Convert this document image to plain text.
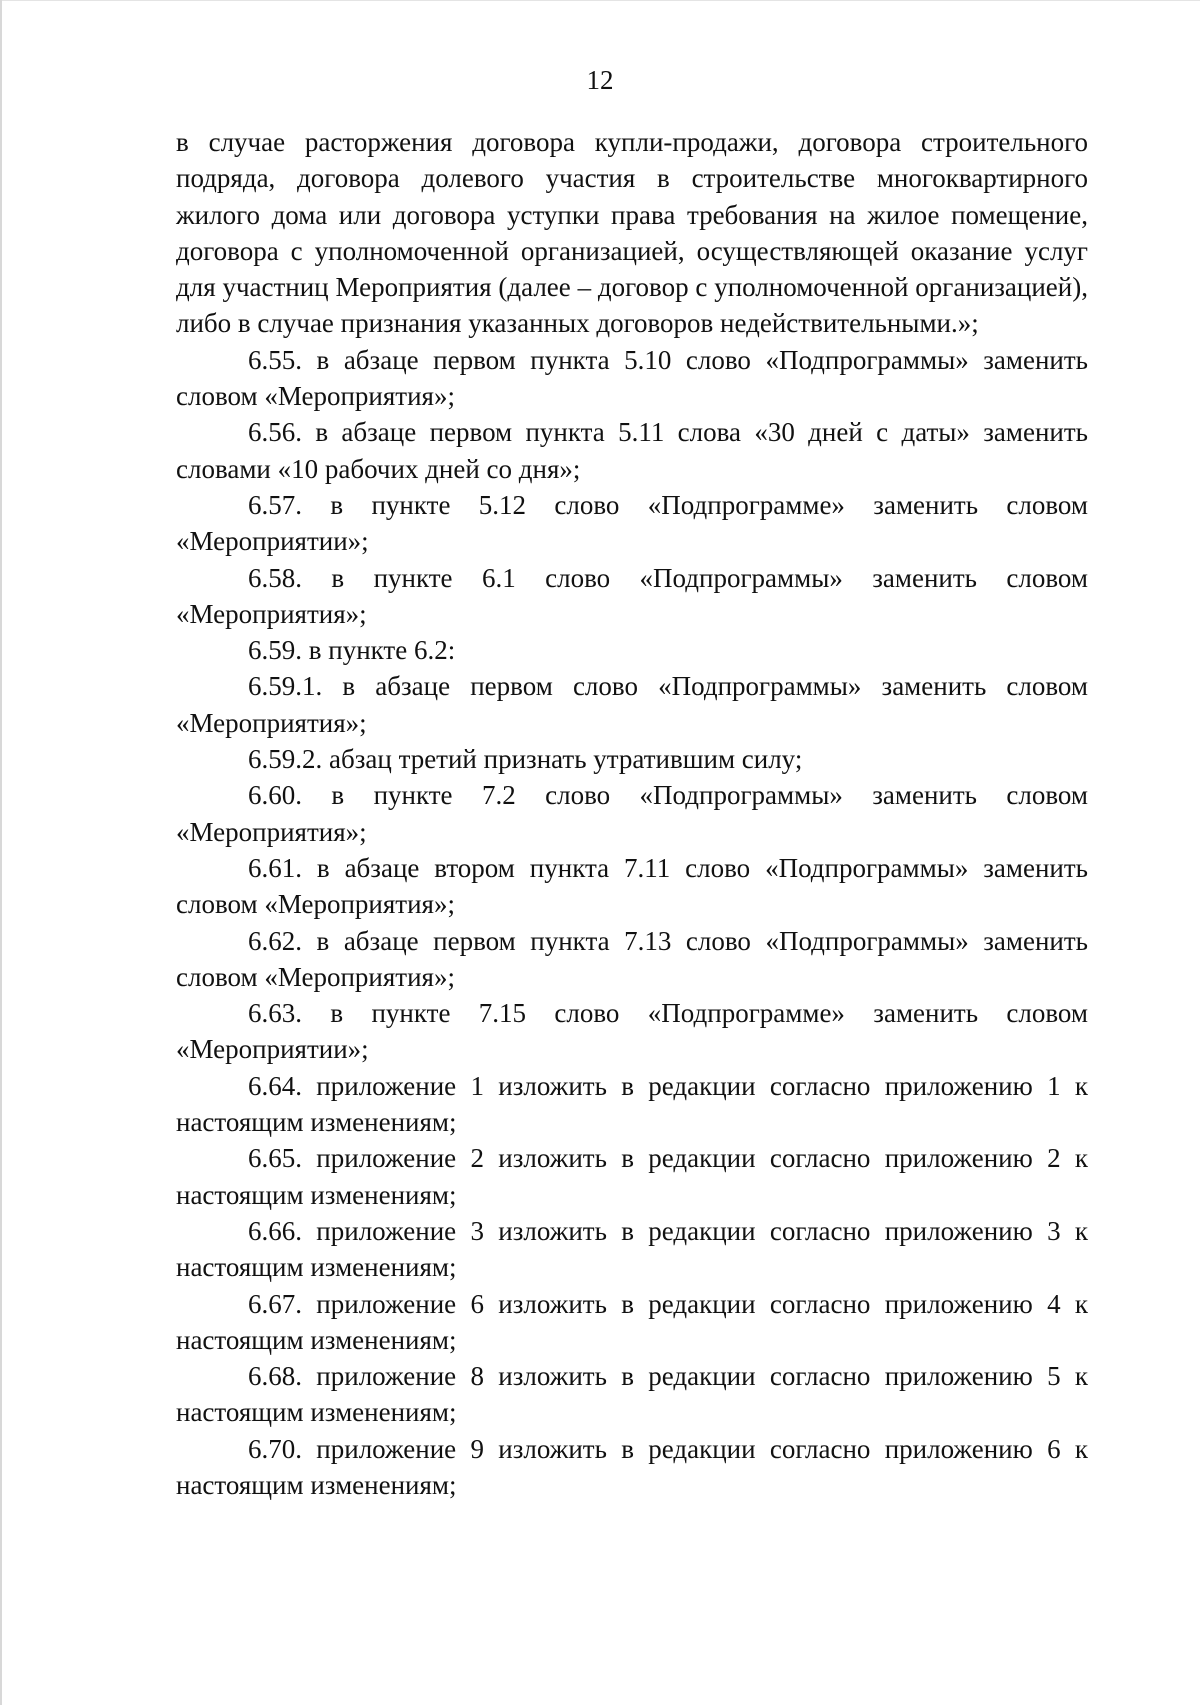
12

в случае расторжения договора купли-продажи, договора строительного подряда, договора долевого участия в строительстве многоквартирного жилого дома или договора уступки права требования на жилое помещение, договора с уполномоченной организацией, осуществляющей оказание услуг для участниц Мероприятия (далее – договор с уполномоченной организацией), либо в случае признания указанных договоров недействительными.»;

6.55. в абзаце первом пункта 5.10 слово «Подпрограммы» заменить словом «Мероприятия»;

6.56. в абзаце первом пункта 5.11 слова «30 дней с даты» заменить словами «10 рабочих дней со дня»;

6.57. в пункте 5.12 слово «Подпрограмме» заменить словом «Мероприятии»;

6.58. в пункте 6.1 слово «Подпрограммы» заменить словом «Мероприятия»;

6.59. в пункте 6.2:

6.59.1. в абзаце первом слово «Подпрограммы» заменить словом «Мероприятия»;

6.59.2. абзац третий признать утратившим силу;

6.60. в пункте 7.2 слово «Подпрограммы» заменить словом «Мероприятия»;

6.61. в абзаце втором пункта 7.11 слово «Подпрограммы» заменить словом «Мероприятия»;

6.62. в абзаце первом пункта 7.13 слово «Подпрограммы» заменить словом «Мероприятия»;

6.63. в пункте 7.15 слово «Подпрограмме» заменить словом «Мероприятии»;

6.64. приложение 1 изложить в редакции согласно приложению 1 к настоящим изменениям;

6.65. приложение 2 изложить в редакции согласно приложению 2 к настоящим изменениям;

6.66. приложение 3 изложить в редакции согласно приложению 3 к настоящим изменениям;

6.67. приложение 6 изложить в редакции согласно приложению 4 к настоящим изменениям;

6.68. приложение 8 изложить в редакции согласно приложению 5 к настоящим изменениям;

6.70. приложение 9 изложить в редакции согласно приложению 6 к настоящим изменениям;
